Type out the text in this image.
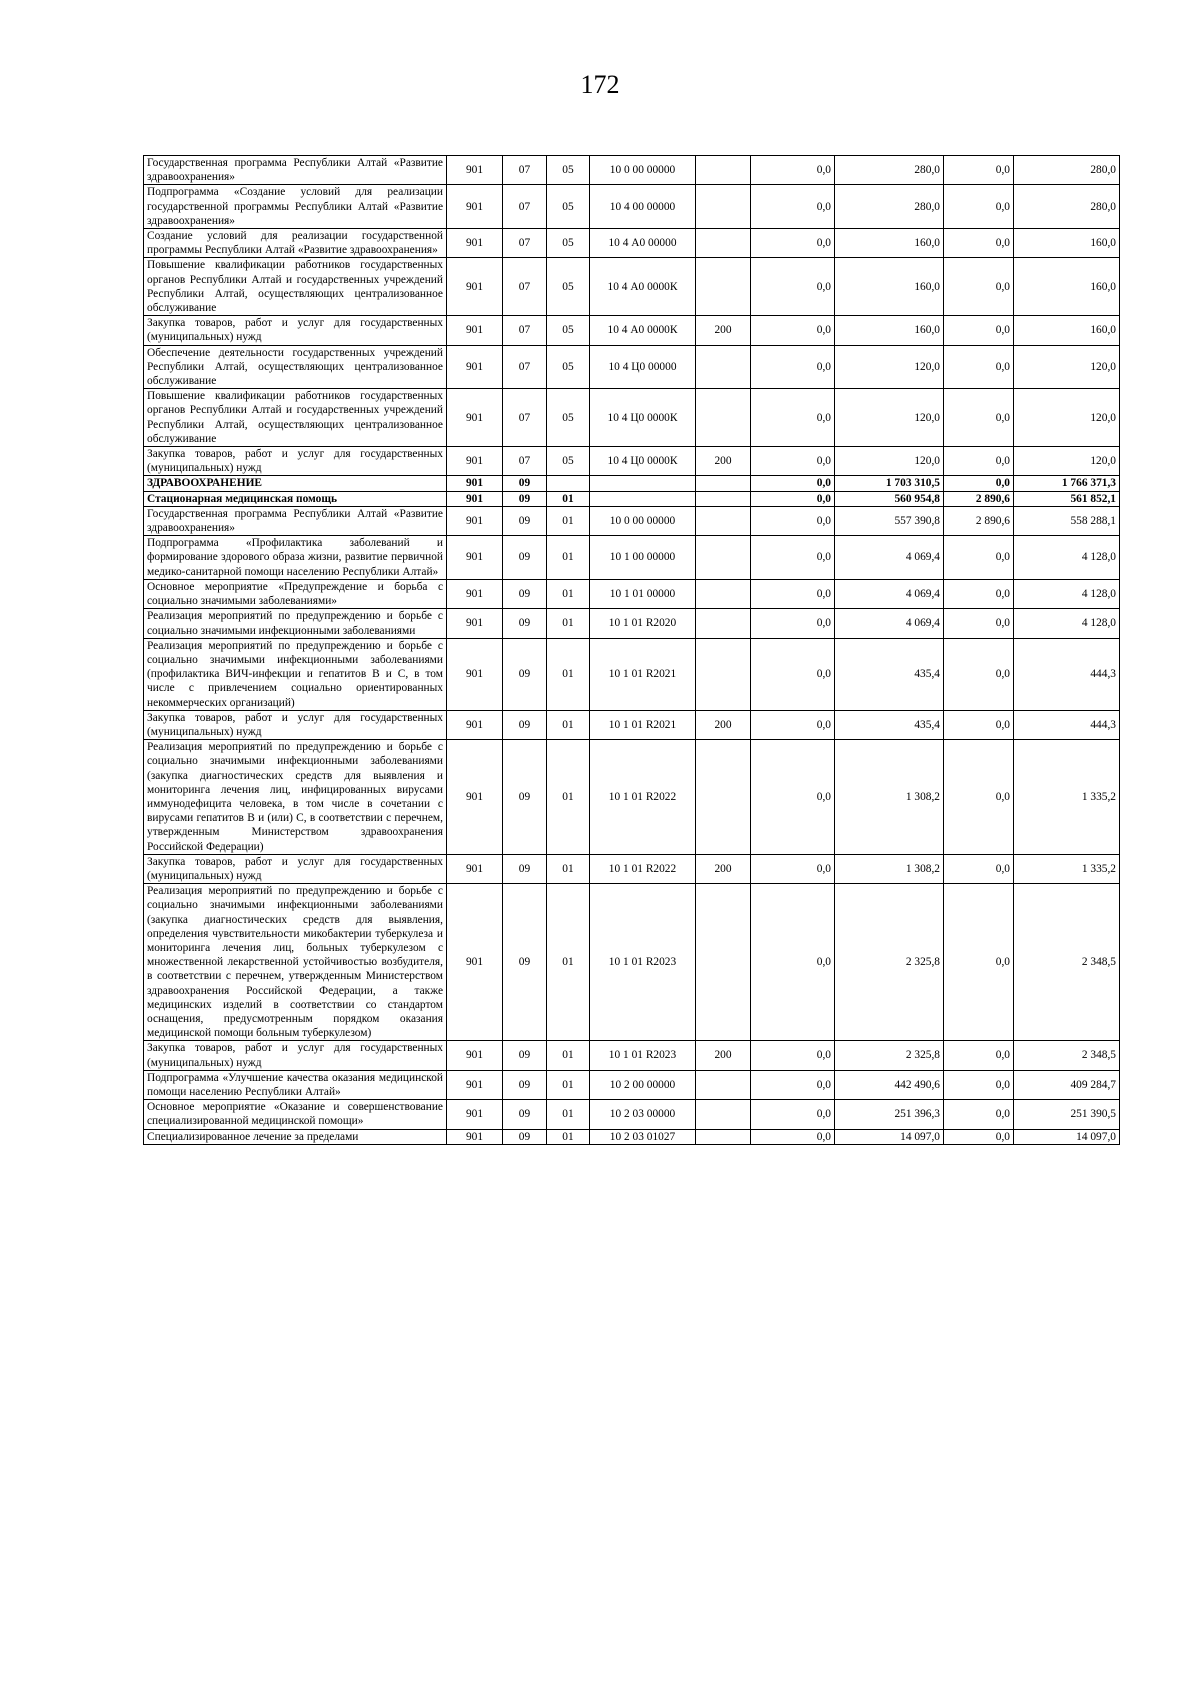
172
Государственная программа Республики Алтай «Развитие здравоохранения»	901	07	05	10 0 00 00000		0,0	280,0	0,0	280,0
Подпрограмма «Создание условий для реализации государственной программы Республики Алтай «Развитие здравоохранения»	901	07	05	10 4 00 00000		0,0	280,0	0,0	280,0
Создание условий для реализации государственной программы Республики Алтай «Развитие здравоохранения»	901	07	05	10 4 А0 00000		0,0	160,0	0,0	160,0
Повышение квалификации работников государственных органов Республики Алтай и государственных учреждений Республики Алтай, осуществляющих централизованное обслуживание	901	07	05	10 4 А0 0000К		0,0	160,0	0,0	160,0
Закупка товаров, работ и услуг для государственных (муниципальных) нужд	901	07	05	10 4 А0 0000К	200	0,0	160,0	0,0	160,0
Обеспечение деятельности государственных учреждений Республики Алтай, осуществляющих централизованное обслуживание	901	07	05	10 4 Ц0 00000		0,0	120,0	0,0	120,0
Повышение квалификации работников государственных органов Республики Алтай и государственных учреждений Республики Алтай, осуществляющих централизованное обслуживание	901	07	05	10 4 Ц0 0000К		0,0	120,0	0,0	120,0
Закупка товаров, работ и услуг для государственных (муниципальных) нужд	901	07	05	10 4 Ц0 0000К	200	0,0	120,0	0,0	120,0
ЗДРАВООХРАНЕНИЕ	901	09				0,0	1 703 310,5	0,0	1 766 371,3
Стационарная медицинская помощь	901	09	01			0,0	560 954,8	2 890,6	561 852,1
Государственная программа Республики Алтай «Развитие здравоохранения»	901	09	01	10 0 00 00000		0,0	557 390,8	2 890,6	558 288,1
Подпрограмма «Профилактика заболеваний и формирование здорового образа жизни, развитие первичной медико-санитарной помощи населению Республики Алтай»	901	09	01	10 1 00 00000		0,0	4 069,4	0,0	4 128,0
Основное мероприятие «Предупреждение и борьба с социально значимыми заболеваниями»	901	09	01	10 1 01 00000		0,0	4 069,4	0,0	4 128,0
Реализация мероприятий по предупреждению и борьбе с социально значимыми инфекционными заболеваниями	901	09	01	10 1 01 R2020		0,0	4 069,4	0,0	4 128,0
Реализация мероприятий по предупреждению и борьбе с социально значимыми инфекционными заболеваниями (профилактика ВИЧ-инфекции и гепатитов B и C, в том числе с привлечением социально ориентированных некоммерческих организаций)	901	09	01	10 1 01 R2021		0,0	435,4	0,0	444,3
Закупка товаров, работ и услуг для государственных (муниципальных) нужд	901	09	01	10 1 01 R2021	200	0,0	435,4	0,0	444,3
Реализация мероприятий по предупреждению и борьбе с социально значимыми инфекционными заболеваниями (закупка диагностических средств для выявления и мониторинга лечения лиц, инфицированных вирусами иммунодефицита человека, в том числе в сочетании с вирусами гепатитов B и (или) C, в соответствии с перечнем, утвержденным Министерством здравоохранения Российской Федерации)	901	09	01	10 1 01 R2022		0,0	1 308,2	0,0	1 335,2
Закупка товаров, работ и услуг для государственных (муниципальных) нужд	901	09	01	10 1 01 R2022	200	0,0	1 308,2	0,0	1 335,2
Реализация мероприятий по предупреждению и борьбе с социально значимыми инфекционными заболеваниями (закупка диагностических средств для выявления, определения чувствительности микобактерии туберкулеза и мониторинга лечения лиц, больных туберкулезом с множественной лекарственной устойчивостью возбудителя, в соответствии с перечнем, утвержденным Министерством здравоохранения Российской Федерации, а также медицинских изделий в соответствии со стандартом оснащения, предусмотренным порядком оказания медицинской помощи больным туберкулезом)	901	09	01	10 1 01 R2023		0,0	2 325,8	0,0	2 348,5
Закупка товаров, работ и услуг для государственных (муниципальных) нужд	901	09	01	10 1 01 R2023	200	0,0	2 325,8	0,0	2 348,5
Подпрограмма «Улучшение качества оказания медицинской помощи населению Республики Алтай»	901	09	01	10 2 00 00000		0,0	442 490,6	0,0	409 284,7
Основное мероприятие «Оказание и совершенствование специализированной медицинской помощи»	901	09	01	10 2 03 00000		0,0	251 396,3	0,0	251 390,5
Специализированное лечение за пределами	901	09	01	10 2 03 01027		0,0	14 097,0	0,0	14 097,0
